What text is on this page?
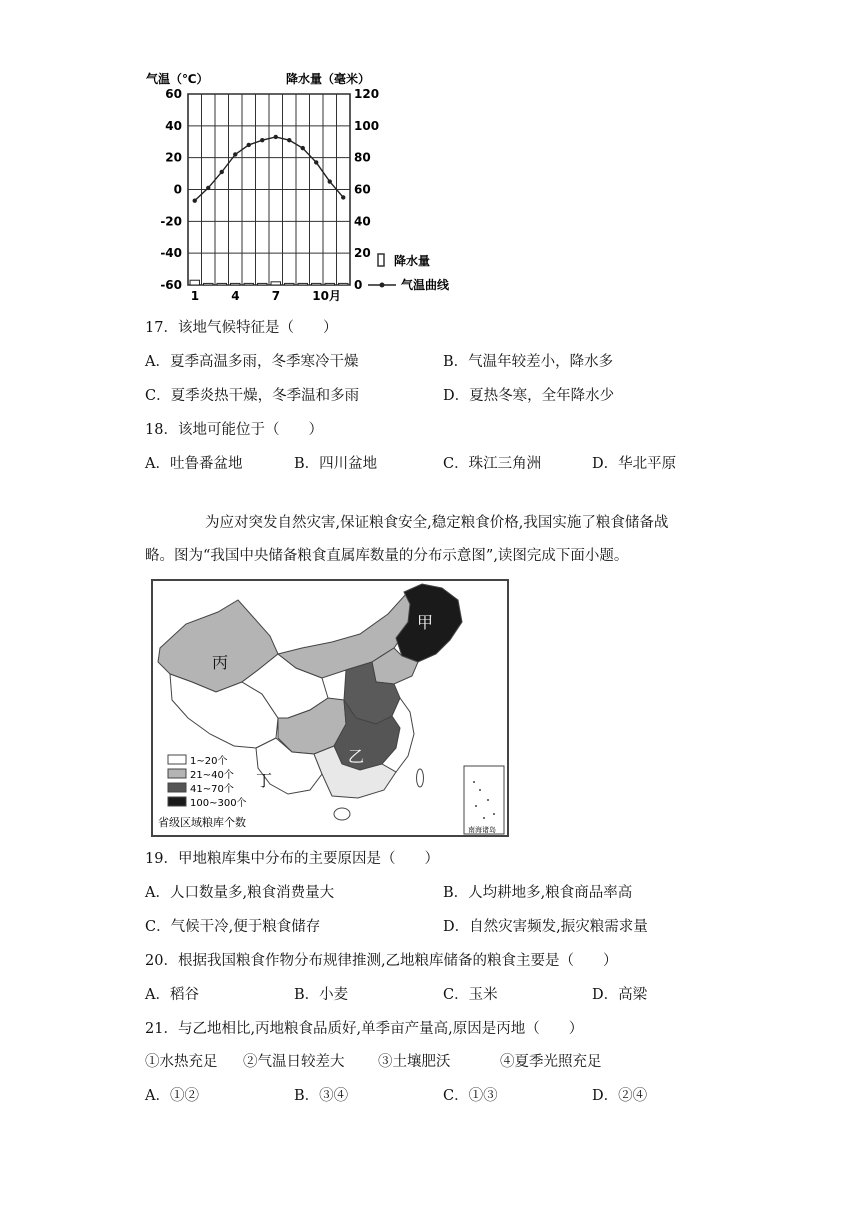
气温（℃）	降水量（毫米）
60	120
40	100
20	80
0	60
-20	40
-40	20
-60	0
1	4	7	10月
降水量
气温曲线
17．该地气候特征是（　　）
A．夏季高温多雨，冬季寒冷干燥	B．气温年较差小，降水多
C．夏季炎热干燥，冬季温和多雨	D．夏热冬寒，全年降水少
18．该地可能位于（　　）
A．吐鲁番盆地	B．四川盆地	C．珠江三角洲	D．华北平原
为应对突发自然灾害,保证粮食安全,稳定粮食价格,我国实施了粮食储备战
略。图为“我国中央储备粮食直属库数量的分布示意图”,读图完成下面小题。
甲
丙
乙
丁
1~20个
21~40个
41~70个
100~300个
省级区域粮库个数
南海诸岛
19．甲地粮库集中分布的主要原因是（　　）
A．人口数量多,粮食消费量大	B．人均耕地多,粮食商品率高
C．气候干冷,便于粮食储存	D．自然灾害频发,振灾粮需求量
20．根据我国粮食作物分布规律推测,乙地粮库储备的粮食主要是（　　）
A．稻谷	B．小麦	C．玉米	D．高梁
21．与乙地相比,丙地粮食品质好,单季亩产量高,原因是丙地（　　）
①水热充足 ②气温日较差大 ③土壤肥沃	④夏季光照充足
A．①②	B．③④	C．①③	D．②④
